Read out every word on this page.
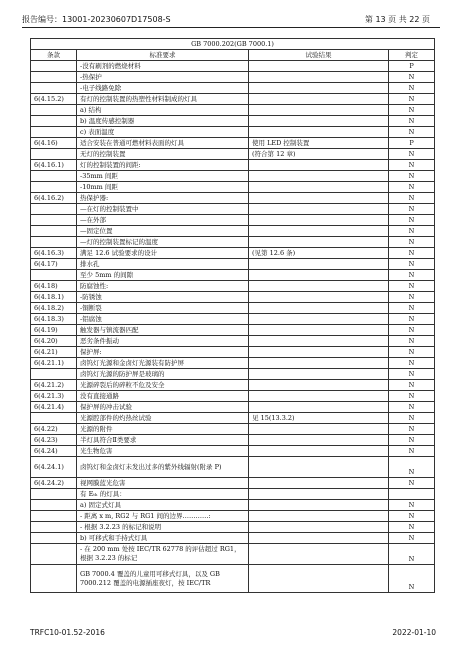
报告编号：13001-20230607D17508-S	第 13 页 共 22 页
GB 7000.202(GB 7000.1)			
条款	标准要求	试验结果	判定
	-没有刷剂的燃烧材料		P
	-热保护		N
	-电子线路免除		N
6(4.15.2)	有灯的控制装置的热塑性材料制成的灯具		N
	a) 结构		N
	b) 温度传感控制器		N
	c) 表面温度		N
6(4.16)	适合安装在普通可燃材料表面的灯具	使用 LED 控制装置	P
	无灯的控制装置	(符合第 12 章)	N
6(4.16.1)	灯的控制装置的间距:		N
	-35mm 间距		N
	-10mm 间距		N
6(4.16.2)	热保护器:		N
	—在灯的控制装置中		N
	—在外部		N
	—固定位置		N
	—灯的控制装置标记的温度		N
6(4.16.3)	满足 12.6 试验要求的设计	(见第 12.6 条)	N
6(4.17)	排水孔		N
	至少 5mm 的间隙		N
6(4.18)	防腐蚀性:		N
6(4.18.1)	-防锈蚀		N
6(4.18.2)	-铜断裂		N
6(4.18.3)	-铝腐蚀		N
6(4.19)	触发器与镇流器匹配		N
6(4.20)	恶劣条件振动		N
6(4.21)	保护屏:		N
6(4.21.1)	卤钨灯光源和金卤灯光源装有防护屏		N
	卤钨灯光源的防护屏是玻璃的		N
6(4.21.2)	光源碎裂后的碎粒不危及安全		N
6(4.21.3)	没有直接通路		N
6(4.21.4)	保护屏的冲击试验		N
	光源腔部件的灼热丝试验	见 15(13.3.2)	N
6(4.22)	光源的附件		N
6(4.23)	半灯具符合Ⅱ类要求		N
6(4.24)	光生物危害		N
6(4.24.1)	卤钨灯和金卤灯未发出过多的紫外线辐射(附录 P)		N
6(4.24.2)	视网膜蓝光危害		N
	有 Eₜₕ 的灯具：		
	a) 固定式灯具		N
	- 距离 x m, RG2 与 RG1 间的边界…………:		N
	- 根据 3.2.23 的标记和说明		N
	b) 可移式和手持式灯具		N
	- 在 200 mm 处按 IEC/TR 62778 的评估超过 RG1，根据 3.2.23 的标记		N
	GB 7000.4 覆盖的儿童用可移式灯具，以及 GB 7000.212 覆盖的电源插座夜灯，按 IEC/TR		N
TRFC10-01.52-2016	2022-01-10
